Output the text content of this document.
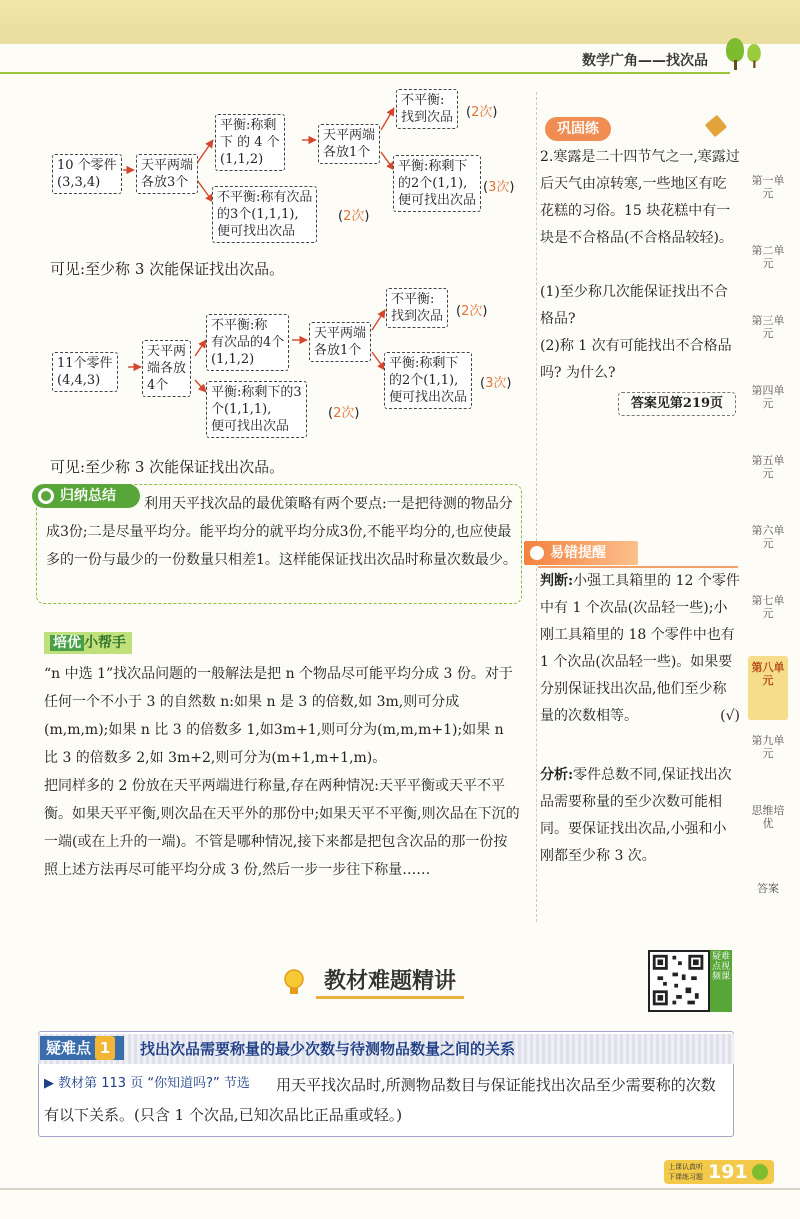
数学广角——找次品
10 个零件
(3,3,4)
天平两端
各放3个
平衡:称剩
下 的 4 个
(1,1,2)
不平衡:称有次品
的3个(1,1,1),
便可找出次品
(2次)
天平两端
各放1个
不平衡:
找到次品 (2次)
平衡:称剩下
的2个(1,1),
便可找出次品
(3次)
可见:至少称 3 次能保证找出次品。
11个零件
(4,4,3)
天平两
端各放
4个
不平衡:称
有次品的4个
(1,1,2)
平衡:称剩下的3
个(1,1,1),
便可找出次品
(2次)
天平两端
各放1个
不平衡:
找到次品 (2次)
平衡:称剩下
的2个(1,1),
便可找出次品
(3次)
可见:至少称 3 次能保证找出次品。
归纳总结	利用天平找次品的最优策略有两个要点:一是把待测的物品分成3份;二是尽量平均分。能平均分的就平均分成3份,不能平均分的,也应使最多的一份与最少的一份数量只相差1。这样能保证找出次品时称量次数最少。
培优 小帮手

“n 中选 1”找次品问题的一般解法是把 n 个物品尽可能平均分成 3 份。对于任何一个不小于 3 的自然数 n:如果 n 是 3 的倍数,如 3m,则可分成(m,m,m);如果 n 比 3 的倍数多 1,如3m+1,则可分为(m,m,m+1);如果 n 比 3 的倍数多 2,如 3m+2,则可分为(m+1,m+1,m)。

把同样多的 2 份放在天平两端进行称量,存在两种情况:天平平衡或天平不平衡。如果天平平衡,则次品在天平外的那份中;如果天平不平衡,则次品在下沉的一端(或在上升的一端)。不管是哪种情况,接下来都是把包含次品的那一份按照上述方法再尽可能平均分成 3 份,然后一步一步往下称量……

巩固练
2.寒露是二十四节气之一,寒露过后天气由凉转寒,一些地区有吃花糕的习俗。15 块花糕中有一块是不合格品(不合格品较轻)。
(1)至少称几次能保证找出不合格品?
(2)称 1 次有可能找出不合格品吗? 为什么?
答案见第219页
易错提醒
判断:小强工具箱里的 12 个零件中有 1 个次品(次品轻一些);小刚工具箱里的 18 个零件中也有 1 个次品(次品轻一些)。如果要分别保证找出次品,他们至少称量的次数相等。	(√)
分析:零件总数不同,保证找出次品需要称量的至少次数可能相同。要保证找出次品,小强和小刚都至少称 3 次。
第一单元
第二单元
第三单元
第四单元
第五单元
第六单元
第七单元
第八单元
第九单元
思维培优
答案
教材难题精讲
疑难点视频课
疑难点 1	找出次品需要称量的最少次数与待测物品数量之间的关系
用天平找次品时,所测物品数目与保证能找出次品至少需要称的次数有以下关系。(只含 1 个次品,已知次品比正品重或轻。)
▶ 教材第 113 页 “你知道吗?” 节选
上课认真听 下课练习题 191
